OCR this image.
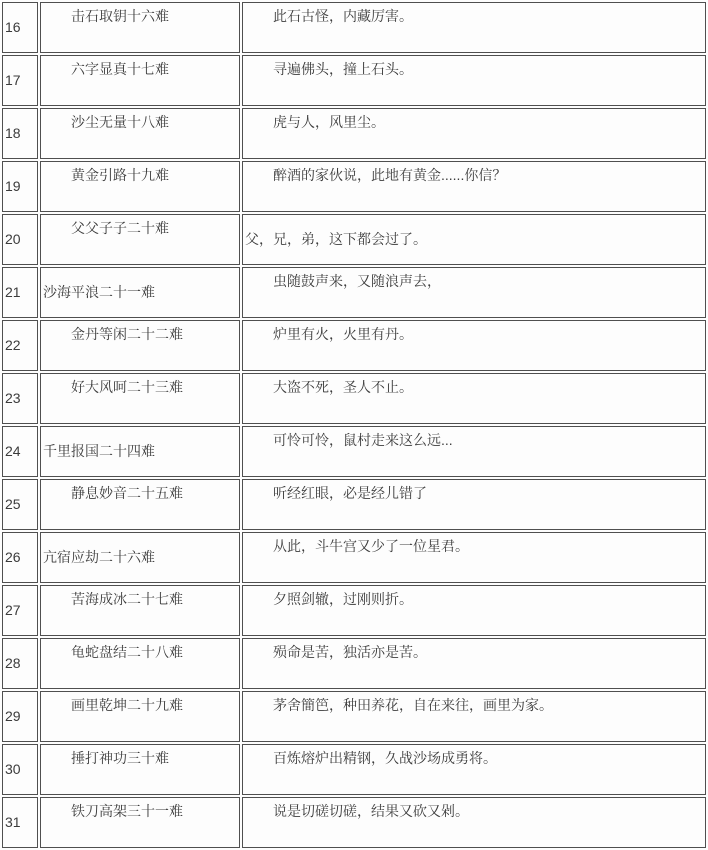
16	　　击石取钥十六难	　　此石古怪，内藏厉害。
17	　　六字显真十七难	　　寻遍佛头，撞上石头。
18	　　沙尘无量十八难	　　虎与人，风里尘。
19	　　黄金引路十九难	　　醉酒的家伙说，此地有黄金......你信？
20	　　父父子子二十难	父，兄，弟，这下都会过了。
21	沙海平浪二十一难	　　虫随鼓声来，又随浪声去，
22	　　金丹等闲二十二难	　　炉里有火，火里有丹。
23	　　好大风呵二十三难	　　大盗不死，圣人不止。
24	千里报国二十四难	　　可怜可怜，鼠村走来这么远...
25	　　静息妙音二十五难	　　听经红眼，必是经儿错了
26	亢宿应劫二十六难	　　从此，斗牛宫又少了一位星君。
27	　　苦海成冰二十七难	　　夕照剑辙，过刚则折。
28	　　龟蛇盘结二十八难	　　殒命是苦，独活亦是苦。
29	　　画里乾坤二十九难	　　茅舍簡笆，种田养花，自在来往，画里为家。
30	　　捶打神功三十难	　　百炼熔炉出精钢，久战沙场成勇将。
31	　　铁刀高架三十一难	　　说是切磋切磋，结果又砍又剁。
